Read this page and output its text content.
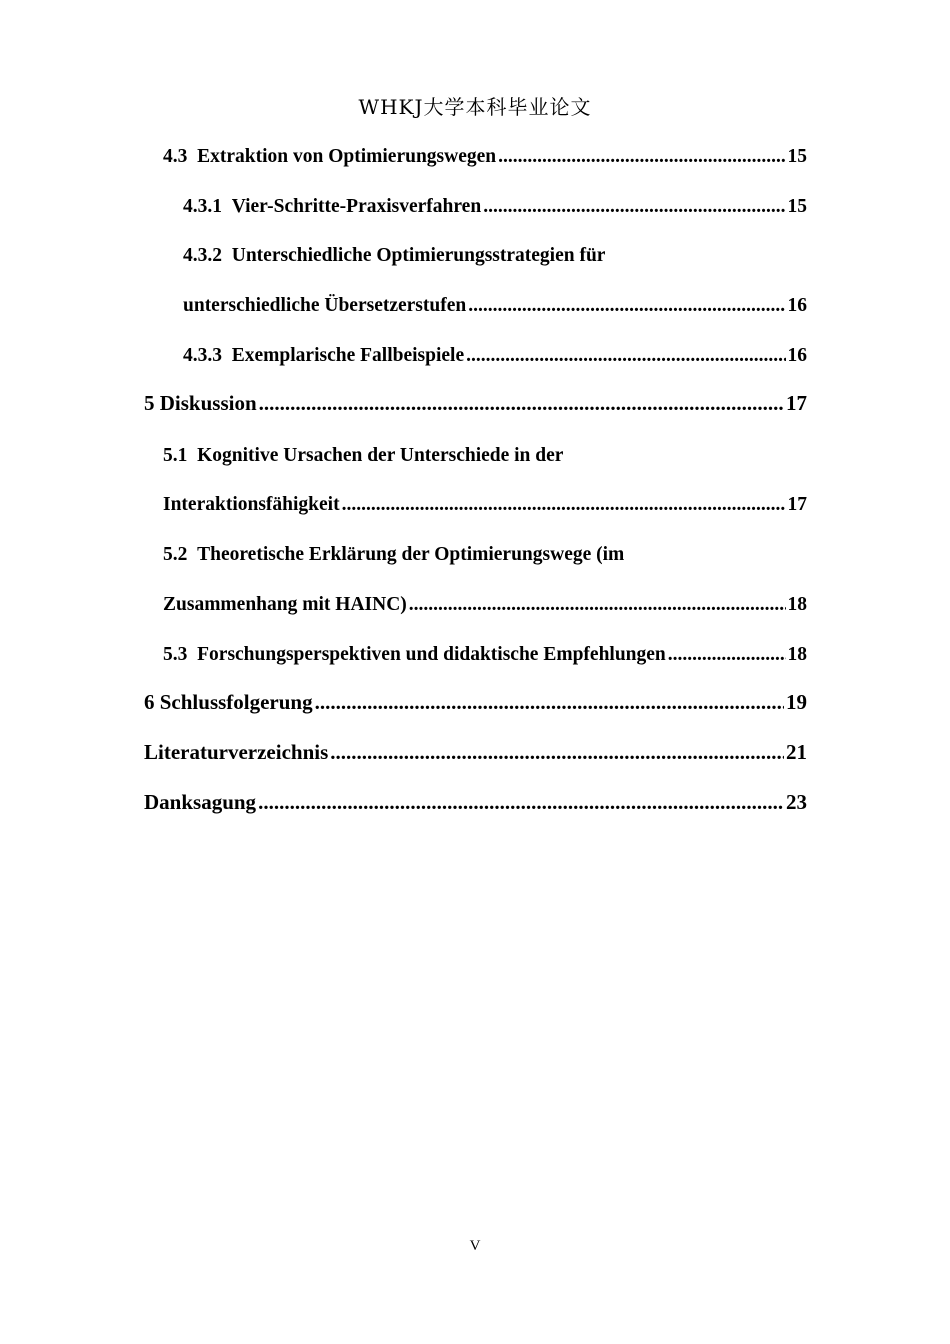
WHKJ大学本科毕业论文
4.3 Extraktion von Optimierungswegen .....	15
4.3.1 Vier-Schritte-Praxisverfahren .....	15
4.3.2
Unterschiedliche Optimierungsstrategien für
unterschiedliche Übersetzerstufen .....	16
4.3.3 Exemplarische Fallbeispiele .....	16
5 Diskussion .....	17
5.1
Kognitive Ursachen der Unterschiede in der
Interaktionsfähigkeit .....	17
5.2
Theoretische Erklärung der Optimierungswege (im
Zusammenhang mit HAINC) .....	18
5.3 Forschungsperspektiven und didaktische Empfehlungen .....	18
6 Schlussfolgerung .....	19
Literaturverzeichnis .....	21
Danksagung .....	23
V
